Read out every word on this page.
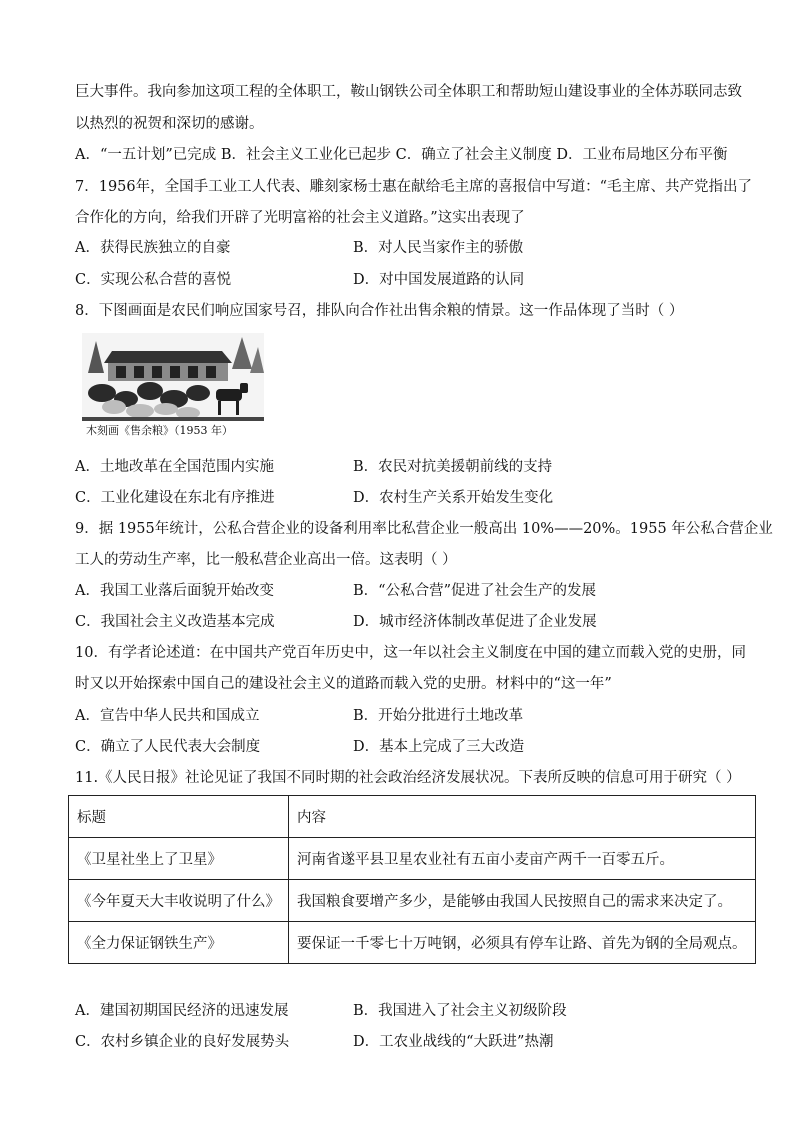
巨大事件。我向参加这项工程的全体职工，鞍山钢铁公司全体职工和帮助短山建设事业的全体苏联同志致
以热烈的祝贺和深切的感谢。
A．“一五计划”已完成 B．社会主义工业化已起步 C．确立了社会主义制度 D．工业布局地区分布平衡
7．1956年，全国手工业工人代表、雕刻家杨士惠在献给毛主席的喜报信中写道：“毛主席、共产党指出了
合作化的方向，给我们开辟了光明富裕的社会主义道路。”这实出表现了
A．获得民族独立的自豪	B．对人民当家作主的骄傲
C．实现公私合营的喜悦	D．对中国发展道路的认同
8．下图画面是农民们响应国家号召，排队向合作社出售余粮的情景。这一作品体现了当时（ ）
木刻画《售余粮》（1953 年）
A．土地改革在全国范围内实施	B．农民对抗美援朝前线的支持
C．工业化建设在东北有序推进	D．农村生产关系开始发生变化
9．据 1955年统计，公私合营企业的设备利用率比私营企业一般高出 10%——20%。1955 年公私合营企业
工人的劳动生产率，比一般私营企业高出一倍。这表明（ ）
A．我国工业落后面貌开始改变	B．“公私合营”促进了社会生产的发展
C．我国社会主义改造基本完成	D．城市经济体制改革促进了企业发展
10．有学者论述道：在中国共产党百年历史中，这一年以社会主义制度在中国的建立而载入党的史册，同
时又以开始探索中国自己的建设社会主义的道路而载入党的史册。材料中的“这一年”
A．宣告中华人民共和国成立	B．开始分批进行土地改革
C．确立了人民代表大会制度	D．基本上完成了三大改造
11.《人民日报》社论见证了我国不同时期的社会政治经济发展状况。下表所反映的信息可用于研究（ ）
标题	内容
《卫星社坐上了卫星》	河南省遂平县卫星农业社有五亩小麦亩产两千一百零五斤。
《今年夏天大丰收说明了什么》	我国粮食要增产多少，是能够由我国人民按照自己的需求来决定了。
《全力保证钢铁生产》	要保证一千零七十万吨钢，必须具有停车让路、首先为钢的全局观点。
A．建国初期国民经济的迅速发展	B．我国进入了社会主义初级阶段
C．农村乡镇企业的良好发展势头	D．工农业战线的“大跃进”热潮
